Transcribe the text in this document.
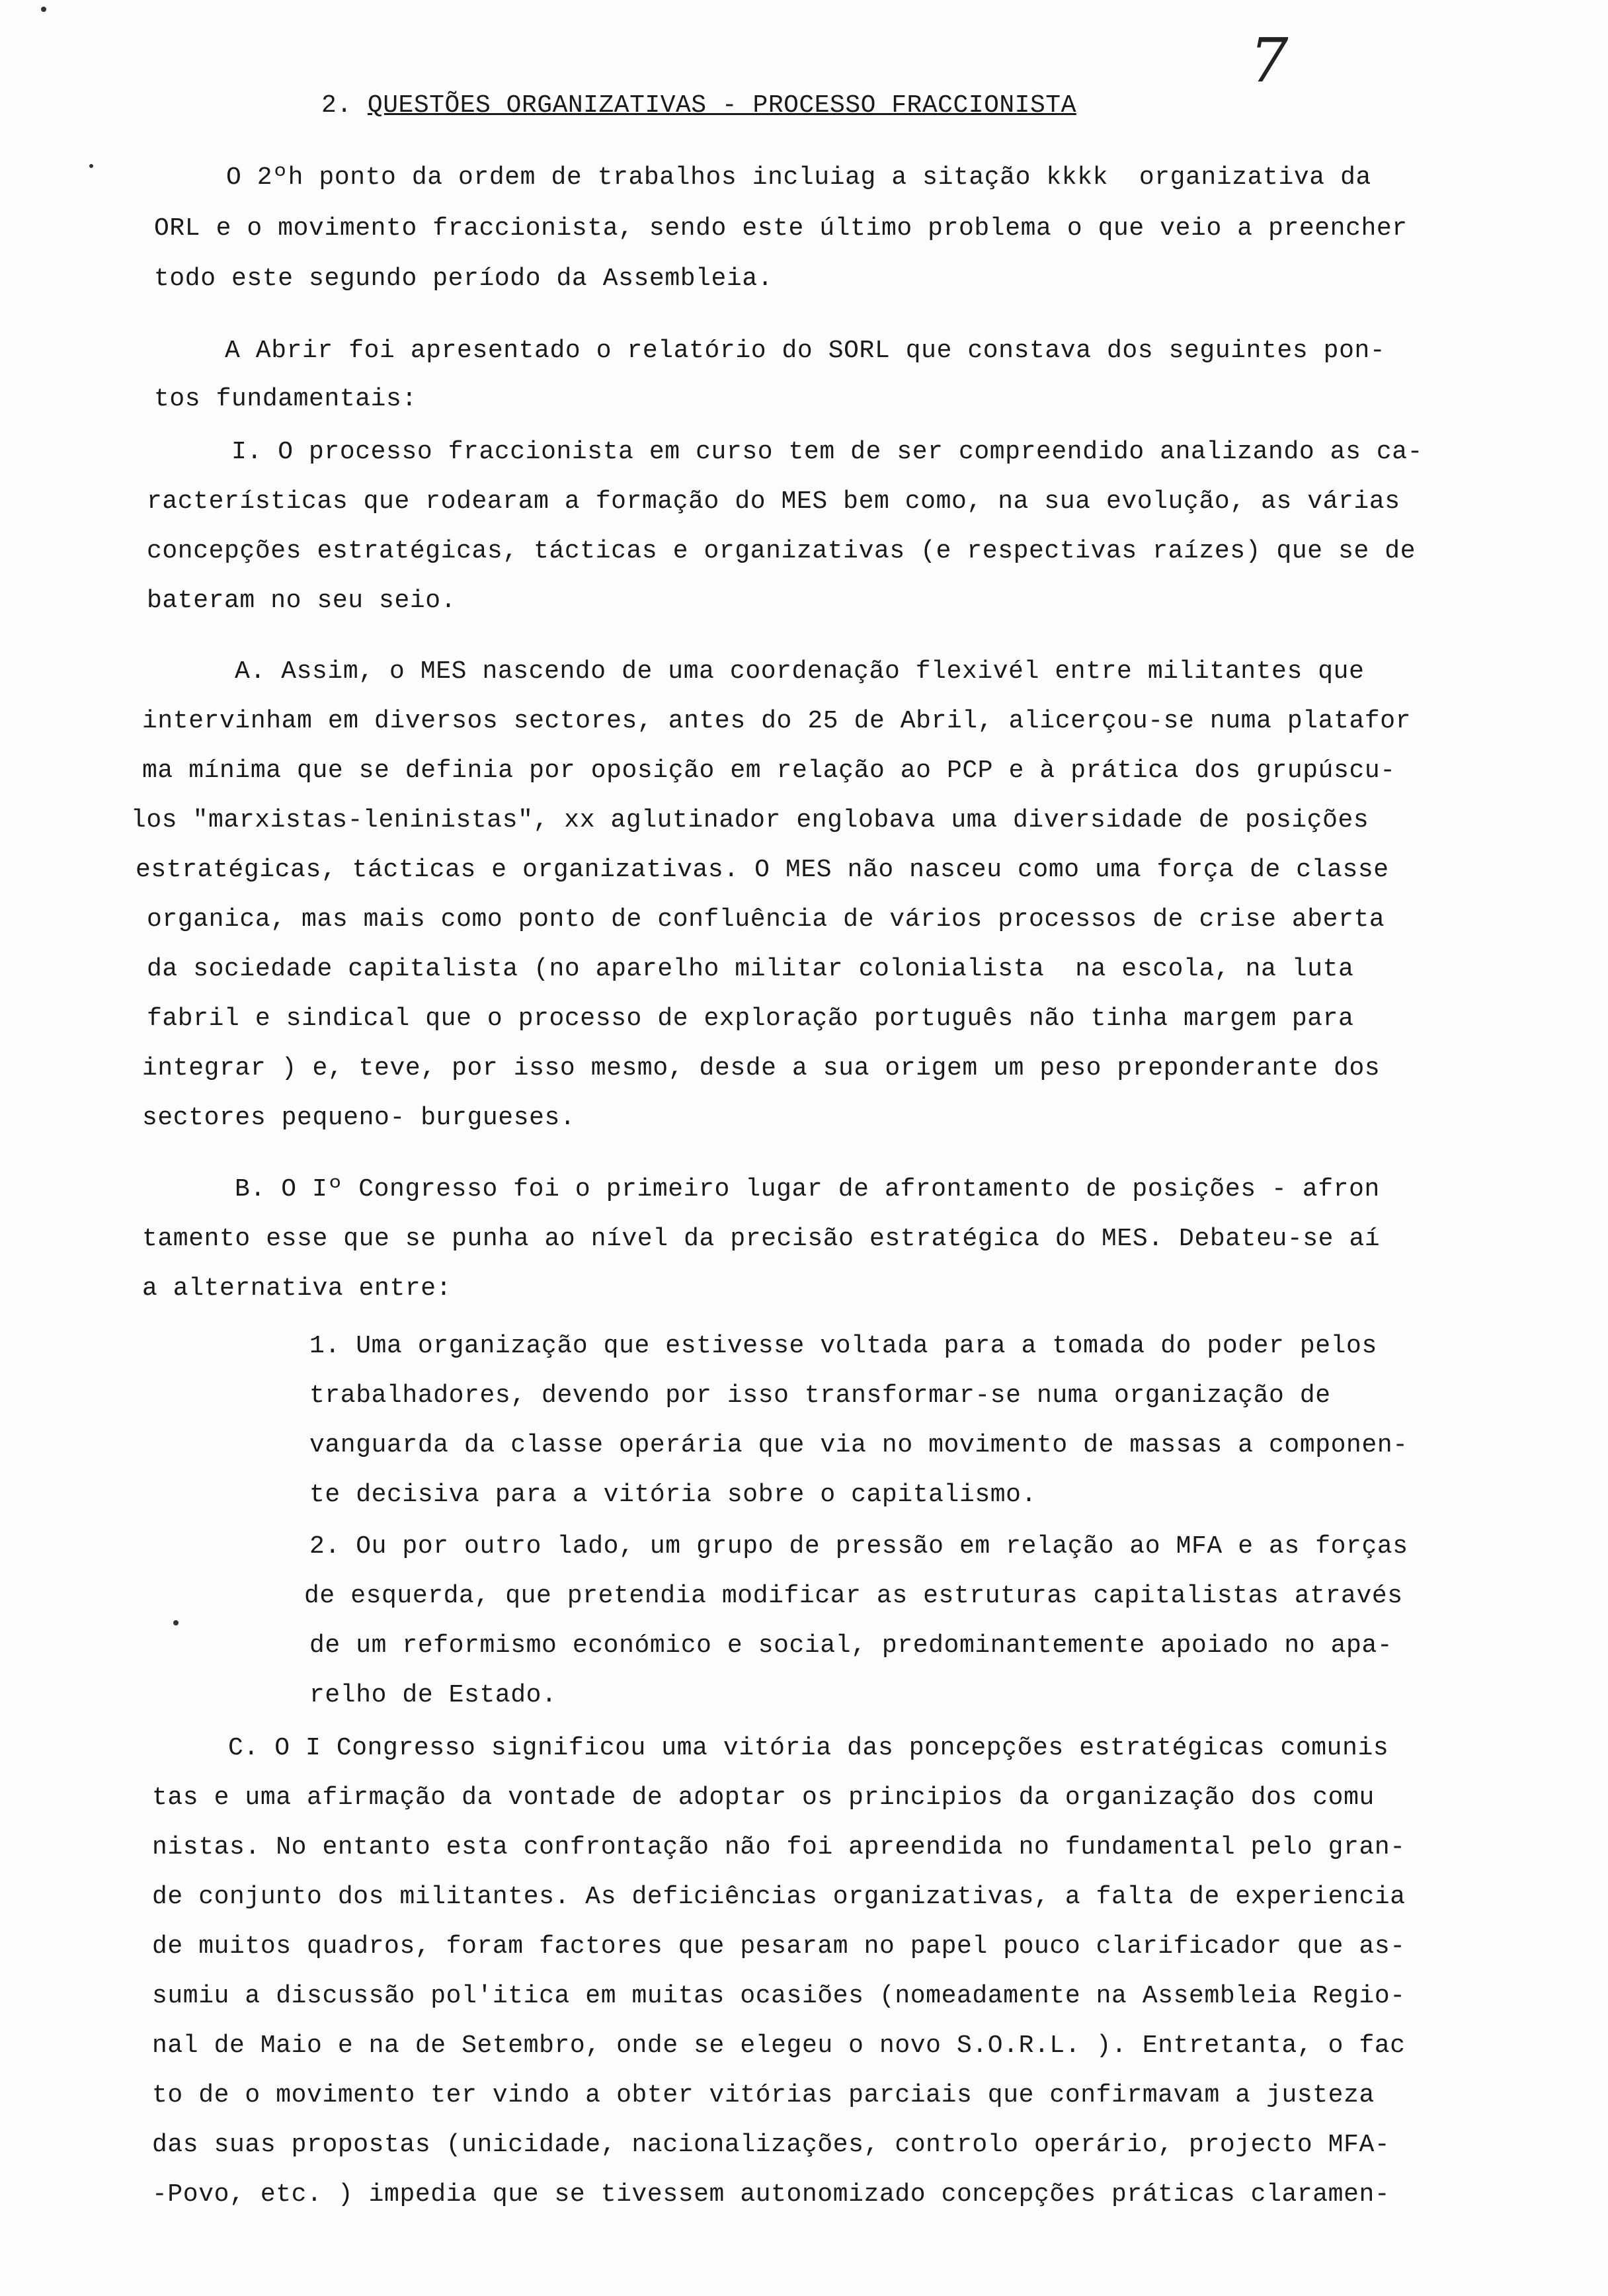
7
2. QUESTÕES ORGANIZATIVAS - PROCESSO FRACCIONISTA
O 2ºh ponto da ordem de trabalhos incluiag a sitação kkkk  organizativa da
ORL e o movimento fraccionista, sendo este último problema o que veio a preencher
todo este segundo período da Assembleia.
A Abrir foi apresentado o relatório do SORL que constava dos seguintes pon-
tos fundamentais:
I. O processo fraccionista em curso tem de ser compreendido analizando as ca-
racterísticas que rodearam a formação do MES bem como, na sua evolução, as várias
concepções estratégicas, tácticas e organizativas (e respectivas raízes) que se de
bateram no seu seio.
A. Assim, o MES nascendo de uma coordenação flexivél entre militantes que
intervinham em diversos sectores, antes do 25 de Abril, alicerçou-se numa platafor
ma mínima que se definia por oposição em relação ao PCP e à prática dos grupúscu-
los "marxistas-leninistas", xx aglutinador englobava uma diversidade de posições
estratégicas, tácticas e organizativas. O MES não nasceu como uma força de classe
organica, mas mais como ponto de confluência de vários processos de crise aberta
da sociedade capitalista (no aparelho militar colonialista  na escola, na luta
fabril e sindical que o processo de exploração português não tinha margem para
integrar ) e, teve, por isso mesmo, desde a sua origem um peso preponderante dos
sectores pequeno- burgueses.
B. O Iº Congresso foi o primeiro lugar de afrontamento de posições - afron
tamento esse que se punha ao nível da precisão estratégica do MES. Debateu-se aí
a alternativa entre:
1. Uma organização que estivesse voltada para a tomada do poder pelos
trabalhadores, devendo por isso transformar-se numa organização de
vanguarda da classe operária que via no movimento de massas a componen-
te decisiva para a vitória sobre o capitalismo.
2. Ou por outro lado, um grupo de pressão em relação ao MFA e as forças
de esquerda, que pretendia modificar as estruturas capitalistas através
de um reformismo económico e social, predominantemente apoiado no apa-
relho de Estado.
C. O I Congresso significou uma vitória das poncepções estratégicas comunis
tas e uma afirmação da vontade de adoptar os principios da organização dos comu
nistas. No entanto esta confrontação não foi apreendida no fundamental pelo gran-
de conjunto dos militantes. As deficiências organizativas, a falta de experiencia
de muitos quadros, foram factores que pesaram no papel pouco clarificador que as-
sumiu a discussão pol'itica em muitas ocasiões (nomeadamente na Assembleia Regio-
nal de Maio e na de Setembro, onde se elegeu o novo S.O.R.L. ). Entretanta, o fac
to de o movimento ter vindo a obter vitórias parciais que confirmavam a justeza
das suas propostas (unicidade, nacionalizações, controlo operário, projecto MFA-
-Povo, etc. ) impedia que se tivessem autonomizado concepções práticas claramen-
